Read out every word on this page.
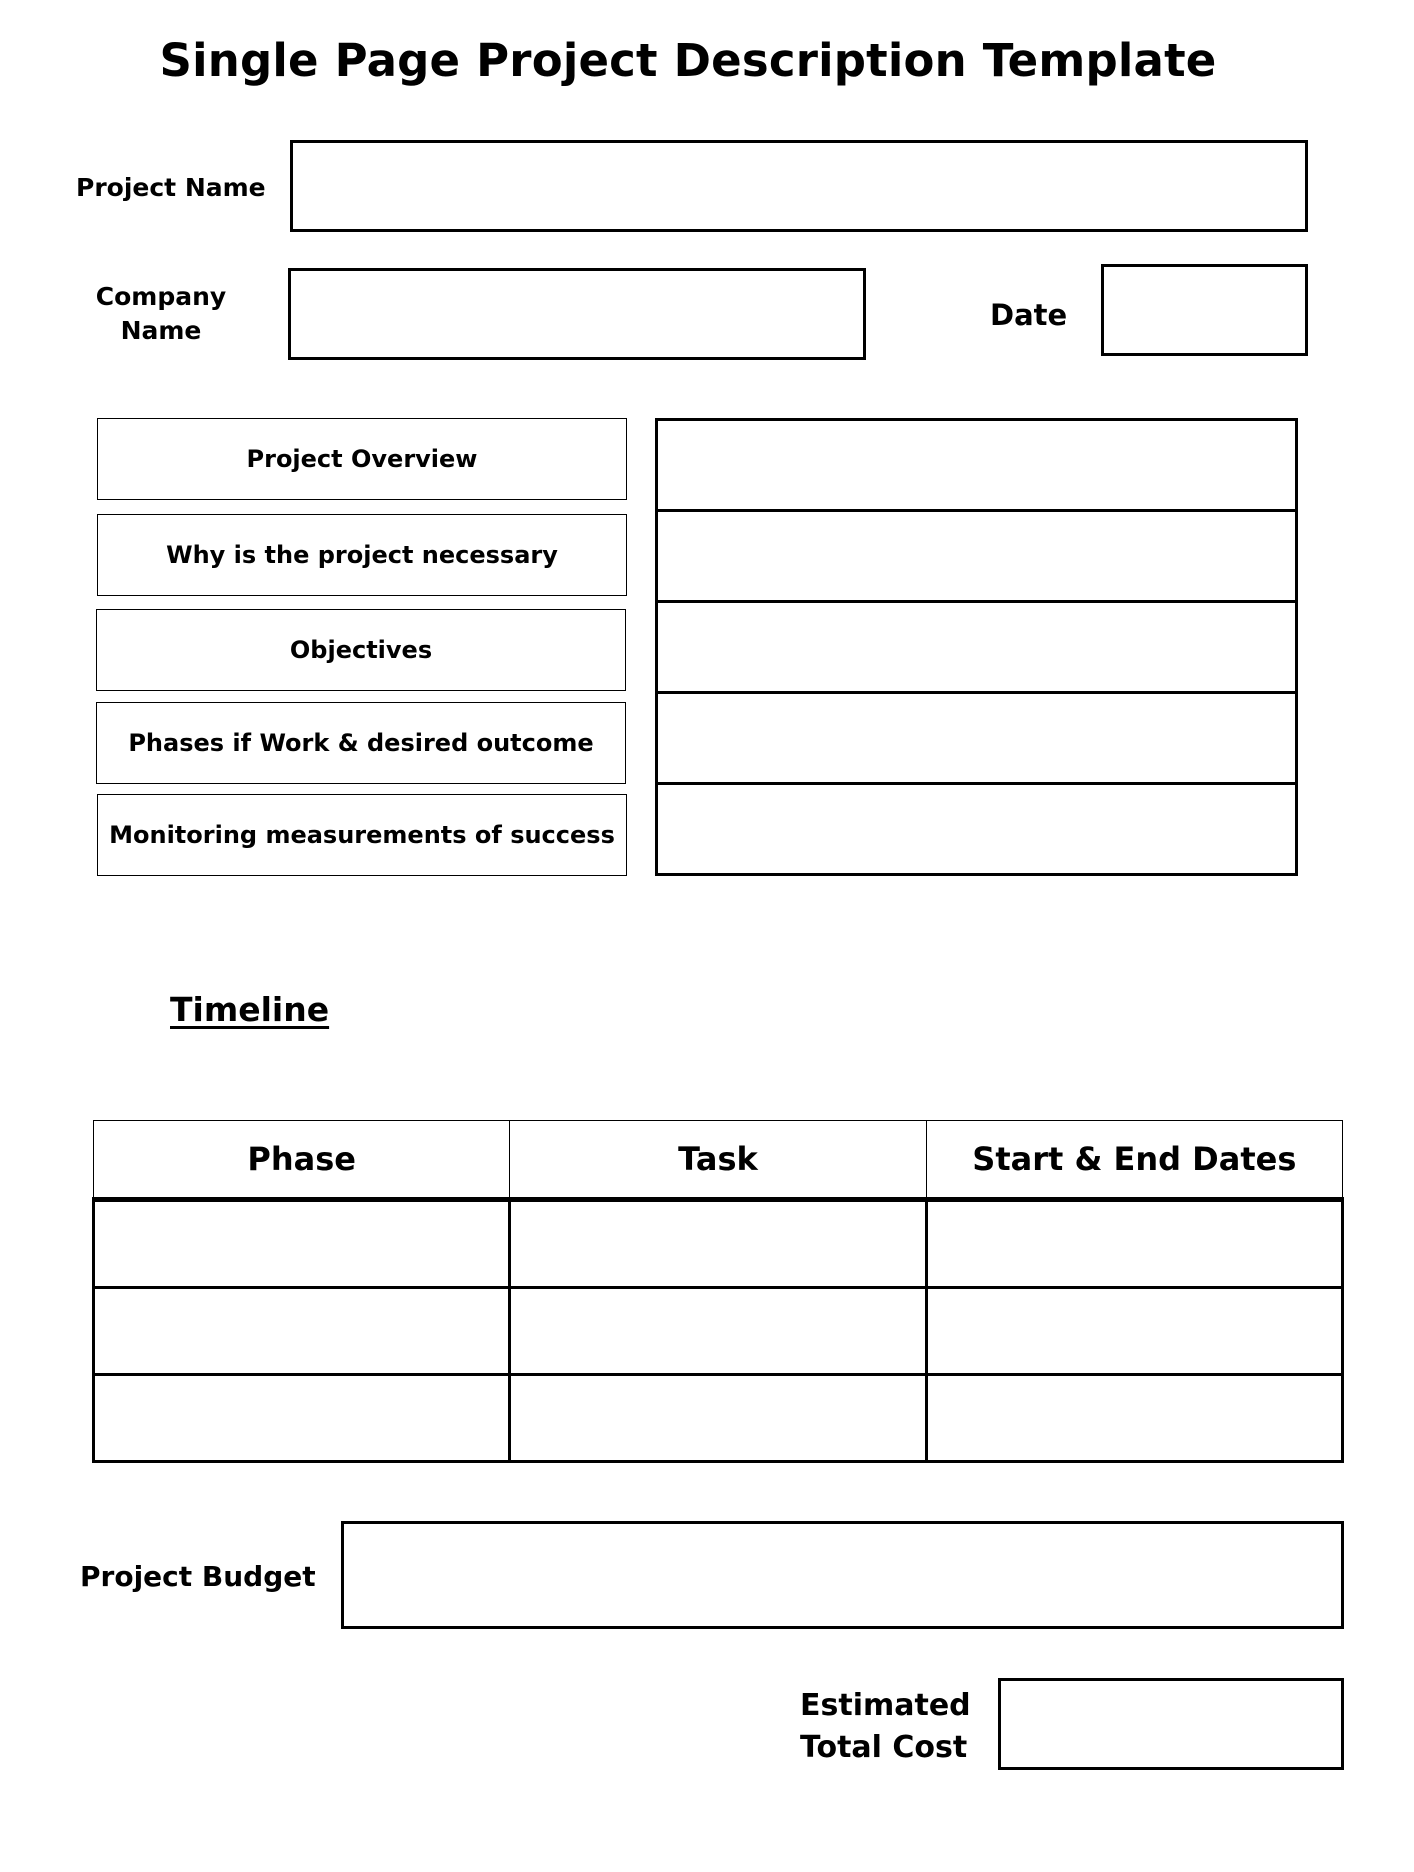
Single Page Project Description Template
Project Name
Company Name	Date
Project Overview
Why is the project necessary
Objectives
Phases if Work & desired outcome
Monitoring measurements of success
Timeline
Phase	Task	Start & End Dates

Project Budget
Estimated Total Cost
